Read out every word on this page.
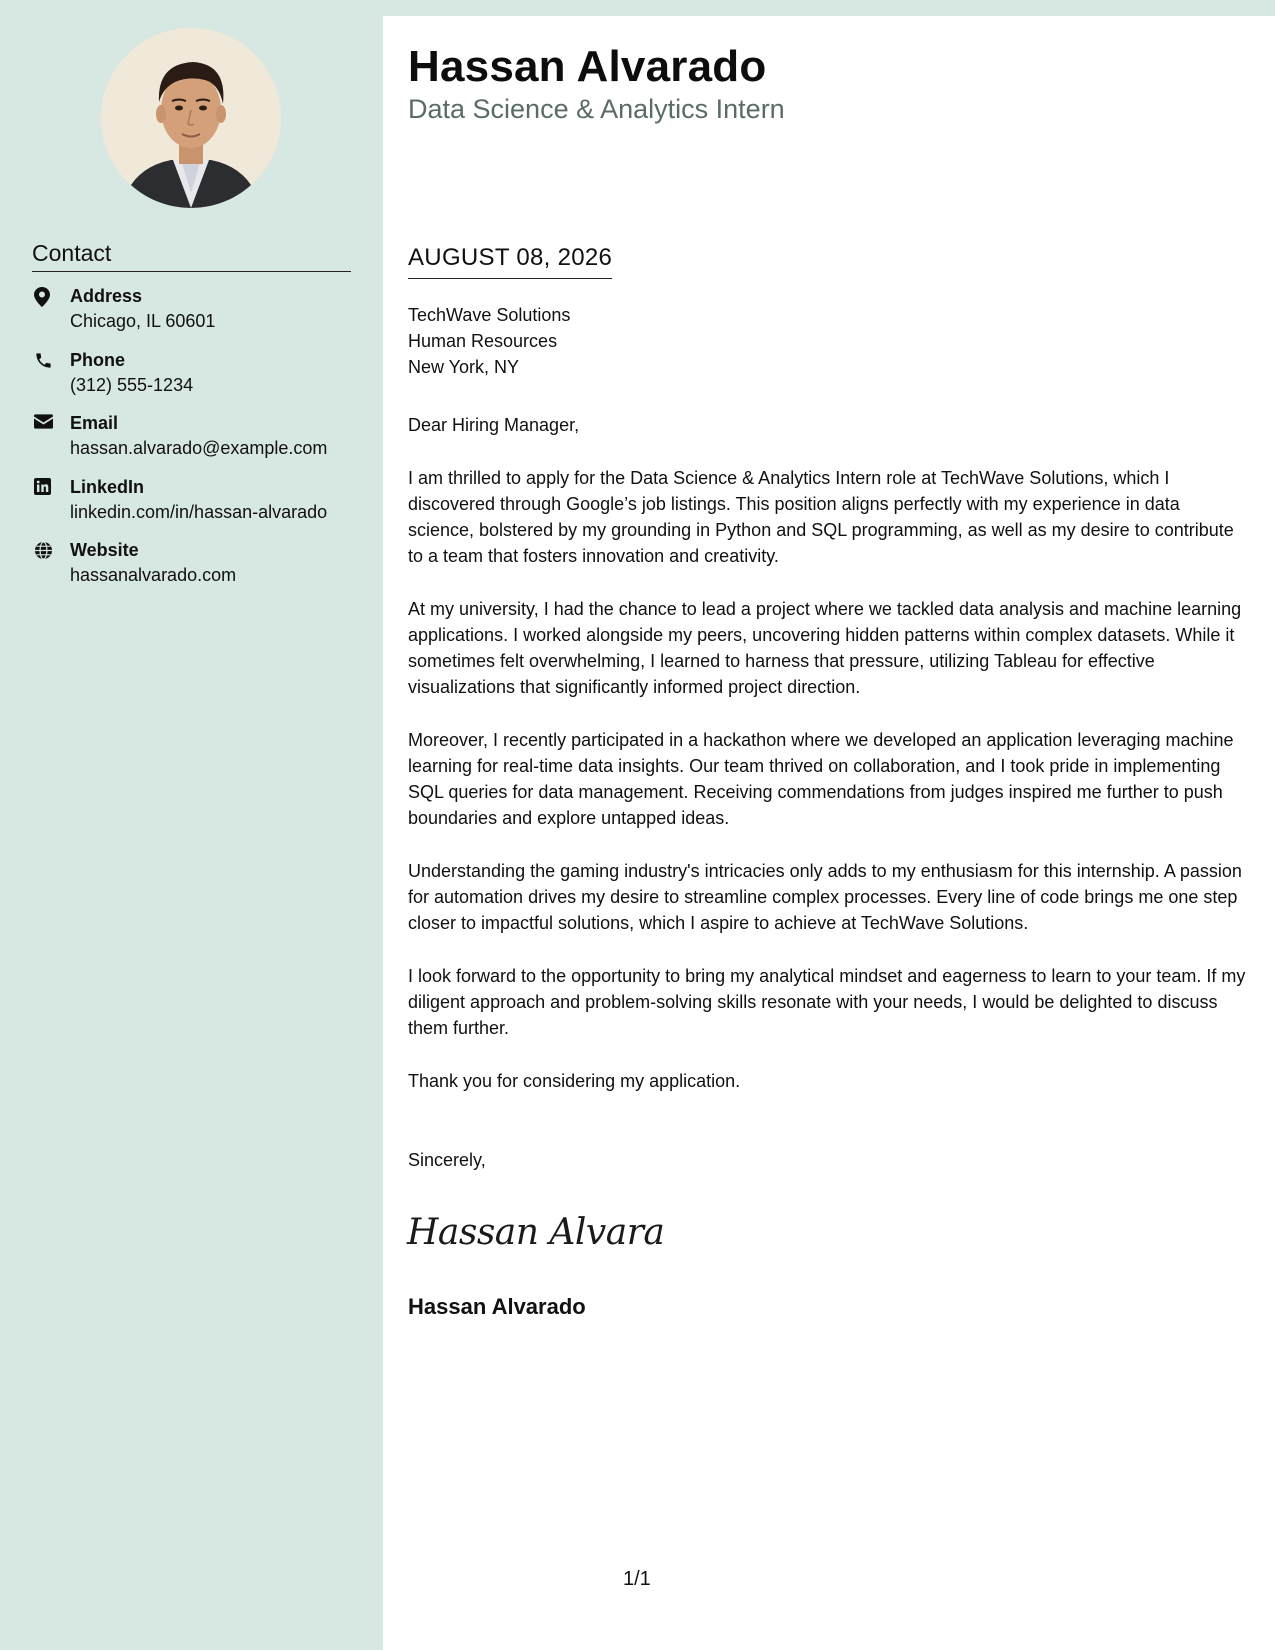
Contact
Address
Chicago, IL 60601
Phone
(312) 555-1234
Email
hassan.alvarado@example.com
LinkedIn
linkedin.com/in/hassan-alvarado
Website
hassanalvarado.com
Hassan Alvarado
Data Science & Analytics Intern
AUGUST 08, 2026
TechWave Solutions
Human Resources
New York, NY

Dear Hiring Manager,

I am thrilled to apply for the Data Science & Analytics Intern role at TechWave Solutions, which I discovered through Google’s job listings. This position aligns perfectly with my experience in data science, bolstered by my grounding in Python and SQL programming, as well as my desire to contribute to a team that fosters innovation and creativity.

At my university, I had the chance to lead a project where we tackled data analysis and machine learning applications. I worked alongside my peers, uncovering hidden patterns within complex datasets. While it sometimes felt overwhelming, I learned to harness that pressure, utilizing Tableau for effective visualizations that significantly informed project direction.

Moreover, I recently participated in a hackathon where we developed an application leveraging machine learning for real-time data insights. Our team thrived on collaboration, and I took pride in implementing SQL queries for data management. Receiving commendations from judges inspired me further to push boundaries and explore untapped ideas.

Understanding the gaming industry's intricacies only adds to my enthusiasm for this internship. A passion for automation drives my desire to streamline complex processes. Every line of code brings me one step closer to impactful solutions, which I aspire to achieve at TechWave Solutions.

I look forward to the opportunity to bring my analytical mindset and eagerness to learn to your team. If my diligent approach and problem-solving skills resonate with your needs, I would be delighted to discuss them further.

Thank you for considering my application.

Sincerely,
Hassan Alvarad
Hassan Alvarado
1/1
